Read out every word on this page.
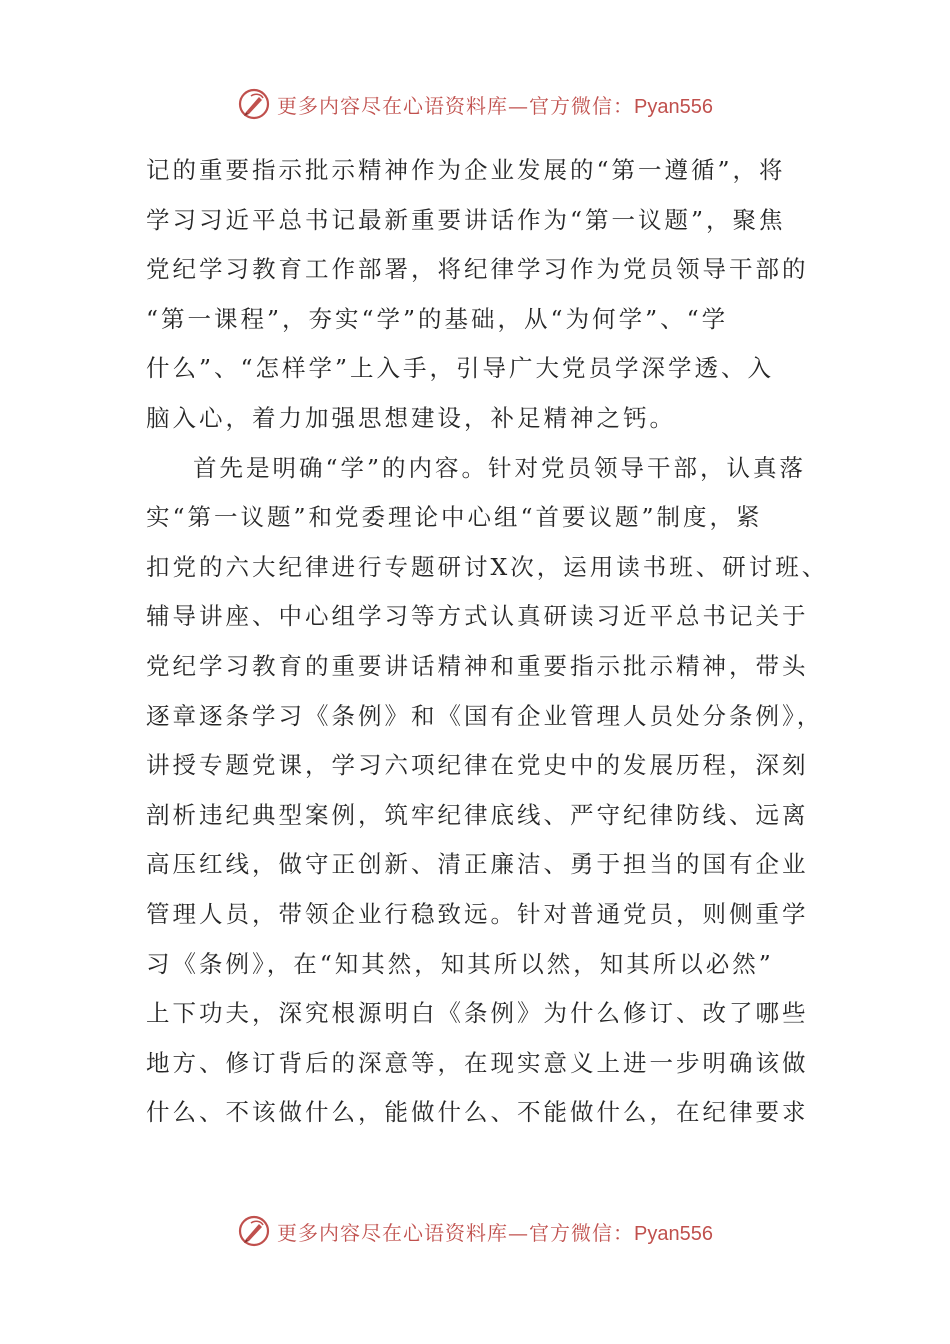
更多内容尽在心语资料库—官方微信：Pyan556
记的重要指示批示精神作为企业发展的“第一遵循”，将
学习习近平总书记最新重要讲话作为“第一议题”，聚焦
党纪学习教育工作部署，将纪律学习作为党员领导干部的
“第一课程”，夯实“学”的基础，从“为何学”、“学
什么”、“怎样学”上入手，引导广大党员学深学透、入
脑入心，着力加强思想建设，补足精神之钙。
首先是明确“学”的内容。针对党员领导干部，认真落
实“第一议题”和党委理论中心组“首要议题”制度，紧
扣党的六大纪律进行专题研讨X次，运用读书班、研讨班、
辅导讲座、中心组学习等方式认真研读习近平总书记关于
党纪学习教育的重要讲话精神和重要指示批示精神，带头
逐章逐条学习《条例》和《国有企业管理人员处分条例》，
讲授专题党课，学习六项纪律在党史中的发展历程，深刻
剖析违纪典型案例，筑牢纪律底线、严守纪律防线、远离
高压红线，做守正创新、清正廉洁、勇于担当的国有企业
管理人员，带领企业行稳致远。针对普通党员，则侧重学
习《条例》，在“知其然，知其所以然，知其所以必然”
上下功夫，深究根源明白《条例》为什么修订、改了哪些
地方、修订背后的深意等，在现实意义上进一步明确该做
什么、不该做什么，能做什么、不能做什么，在纪律要求
更多内容尽在心语资料库—官方微信：Pyan556
